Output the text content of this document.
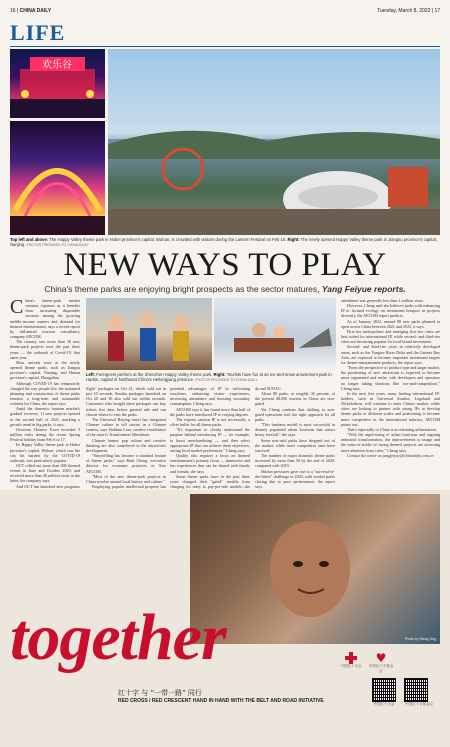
16 | CHINA DAILY	Tuesday, March 8, 2022 | 17
LIFE
欢乐谷
Top left and above: The Happy Valley theme park in Hubei province's capital, Wuhan, is crowded with visitors during the Lantern Festival on Feb 15. Right: The newly opened Happy Valley theme park in Jiangsu province's capital, Nanjing. PHOTOS PROVIDED TO CHINA DAILY
NEW WAYS TO PLAY
China's theme parks are enjoying bright prospects as the sector matures, Yang Feiyue reports.
C hina's theme-park market remains vigorous as it benefits from increasing disposable incomes among the growing middle-income earners and demand for themed entertainment, says a recent report by influential tourism consultancy company AECOM.

The country saw more than 30 new theme-park projects over the past three years — the outbreak of Covid-19, that same year.

Most arrivals were at the newly opened theme parks, such as Jiangsu province's capital, Nanjing, and Hunan province's capital, Zhengzhou.

Although COVID-19 has temporarily changed the way people live, the sustained planning and construction of theme parks remains a long-term and sustainable solution for China, the report says.

Amid the domestic tourism market's gradual recovery, 11 new projects opened in the second half of 2021, marking a growth trend in big parks, it says.

Overseas Chinese Town recorded 5 million visits during the recent Spring Festival holiday from Feb 6 to 17.

Its Happy Valley theme park in Hubei province's capital, Wuhan, which saw the city hit hardest by the COVID-19 outbreak, was particularly popular.

OCT rolled out more than 400 themed events in June and October 2020, and received more than 40 million visits in the latter, the company says.

And OCT has launched new programs

Left: Foreigners perform at the Shenzhen Happy Valley theme park. Right: Tourists have fun at an ice-and-snow amusement park in Harbin, capital of Northeast China's Heilongjiang province. PHOTOS PROVIDED TO CHINA DAILY

flight" packages on Oct 21, which sold out in just 10 seconds. Similar packages launched on Oct 26 and 30 also sold out within seconds. Customers who bought these packages can buy tickets five days before general sale and can choose where to visit the parks.

The Universal Beijing resort has integrated Chinese culture to tell stories in a Chinese context, says Siobhan Lian, creative coordinator of the resort's Transformers Metrobase.

Chinese humor, pop culture and creative thinking are also considered in the attraction's development.

"Storytelling has become a standard feature of theme parks," says Ruth Cheng, executive director for economic practices in Asia AECOM.

"Most of the new theme-park projects in China revolve around local history and culture."

Employing popular intellectual property has

potential advantages of IP in cultivating storylines, enhancing visitor experiences, increasing attendance and boosting secondary consumption, Cheng says.

AECOM says it has found more than half of the parks have introduced IP to varying degrees.

The experts caution IP is not necessarily a silver bullet for all theme parks.

"It's important to clearly understand the purpose behind introducing IP — for example, to boost merchandising — and then select appropriate IP that can achieve these objectives, setting local market preferences," Cheng says.

Quality also requires a focus on themed entertainment's primary focus — immersive and fun experiences that can be shared with family and friends, she says.

Some theme parks have in the past three years changed their "gated" models from charging for entry to pay-per-ride models, she

da and SUNAC.

About 80 parks, or roughly 36 percent, of the present 48,000 tourists in China are non-gated.

Yet Cheng cautions that shifting to non-gated operations isn't the right approach for all parks.

"This business model is most successful in densely populated urban locations that attract heavy footfall," she says.

Some non-said parks have dropped out of the market, while more competitive ones have survived.

The number of major domestic theme parks increased by more than 50 by the end of 2020, compared with 2019.

Market pressures gave rise to a "survival-of-the-fittest" challenge in 2020, with weaker parks closing due to poor performance, the report says.

attendance was generally less than 1 million visits.

However, Cheng said she believes parks with enhancing IP or focused ecology on investment hotspots as projects diversify, the AECOM report predicts.

As of January 2022, around 80 new parks planned to open across China between 2021 and 2025, it says.

First-tier metropolises and emerging first-tier cities are best suited for international IP, while second- and third-tier cities are becoming popular for local-brand investment.

Second- and third-tier cities in relatively developed areas, such as the Yangtze River Delta and the Greater Bay Area, are expected to become important investment targets for theme-entertainment products, the report says.

"From the perspective of product type and target market, the positioning of new attractions is expected to become more segmented and niche, with developers and operators no longer taking shortcuts like 'ace-and-competition'," Cheng says.

In the next five years, many leading international IP-holders, such as Universal Studios, Legoland and Nickelodeon, will continue to enter China's market, while cities are looking to partner with strong IPs to develop theme parks of different scales and positioning to become more competitive in the international industry, AECOM points out.

That's especially so China is accelerating urbanization.

"With the rapid-sizing of urban functions and ongoing industrial transformation, the improvements to image and the mass-of-stroke of strong themed projects are attracting more attention from cities," Cheng says.

Contact the writer at yangfeiyue@chinadaily.com.cn

Photo by Wang Jing
together
红十字 与 “一带一路” 同行
RED CROSS / RED CRESCENT HAND IN HAND WITH THE BELT AND ROAD INITIATIVE
中国红十字会
♥
中国红十字基金会
中国红十字会	中国红十字基金会
